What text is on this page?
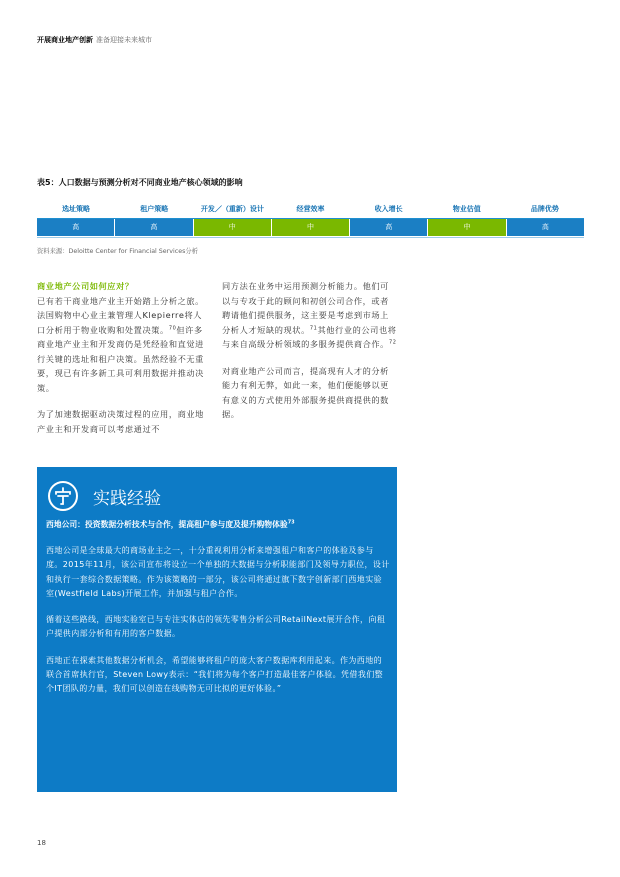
开展商业地产创新 准备迎接未来城市
表5：人口数据与预测分析对不同商业地产核心领域的影响
选址策略	租户策略	开发／（重新）设计	经营效率	收入增长	物业估值	品牌优势
高	高	中	中	高	中	高
资料来源：Deloitte Center for Financial Services分析
商业地产公司如何应对？

已有若干商业地产业主开始踏上分析之旅。法国购物中心业主兼管理人Klepierre将人口分析用于物业收购和处置决策。$^{70}$但许多商业地产业主和开发商仍是凭经验和直觉进行关键的选址和租户决策。虽然经验不无重要，现已有许多新工具可利用数据并推动决策。

为了加速数据驱动决策过程的应用，商业地产业主和开发商可以考虑通过不

同方法在业务中运用预测分析能力。他们可以与专攻于此的顾问和初创公司合作，或者聘请他们提供服务，这主要是考虑到市场上分析人才短缺的现状。$^{71}$其他行业的公司也将与来自高级分析领域的多服务提供商合作。$^{72}$

对商业地产公司而言，提高现有人才的分析能力有利无弊，如此一来，他们便能够以更有意义的方式使用外部服务提供商提供的数据。

实践经验
西地公司：投资数据分析技术与合作，提高租户参与度及提升购物体验$^{73}$

西地公司是全球最大的商场业主之一，十分重视利用分析来增强租户和客户的体验及参与度。2015年11月，该公司宣布将设立一个单独的大数据与分析职能部门及领导力职位，设计和执行一套综合数据策略。作为该策略的一部分，该公司将通过旗下数字创新部门西地实验室(Westfield Labs)开展工作，并加强与租户合作。

循着这些路线，西地实验室已与专注实体店的领先零售分析公司RetailNext展开合作，向租户提供内部分析和有用的客户数据。

西地正在探索其他数据分析机会，希望能够将租户的庞大客户数据库利用起来。作为西地的联合首席执行官，Steven Lowy表示：“我们将为每个客户打造最佳客户体验。凭借我们整个IT团队的力量，我们可以创造在线购物无可比拟的更好体验。”

18
